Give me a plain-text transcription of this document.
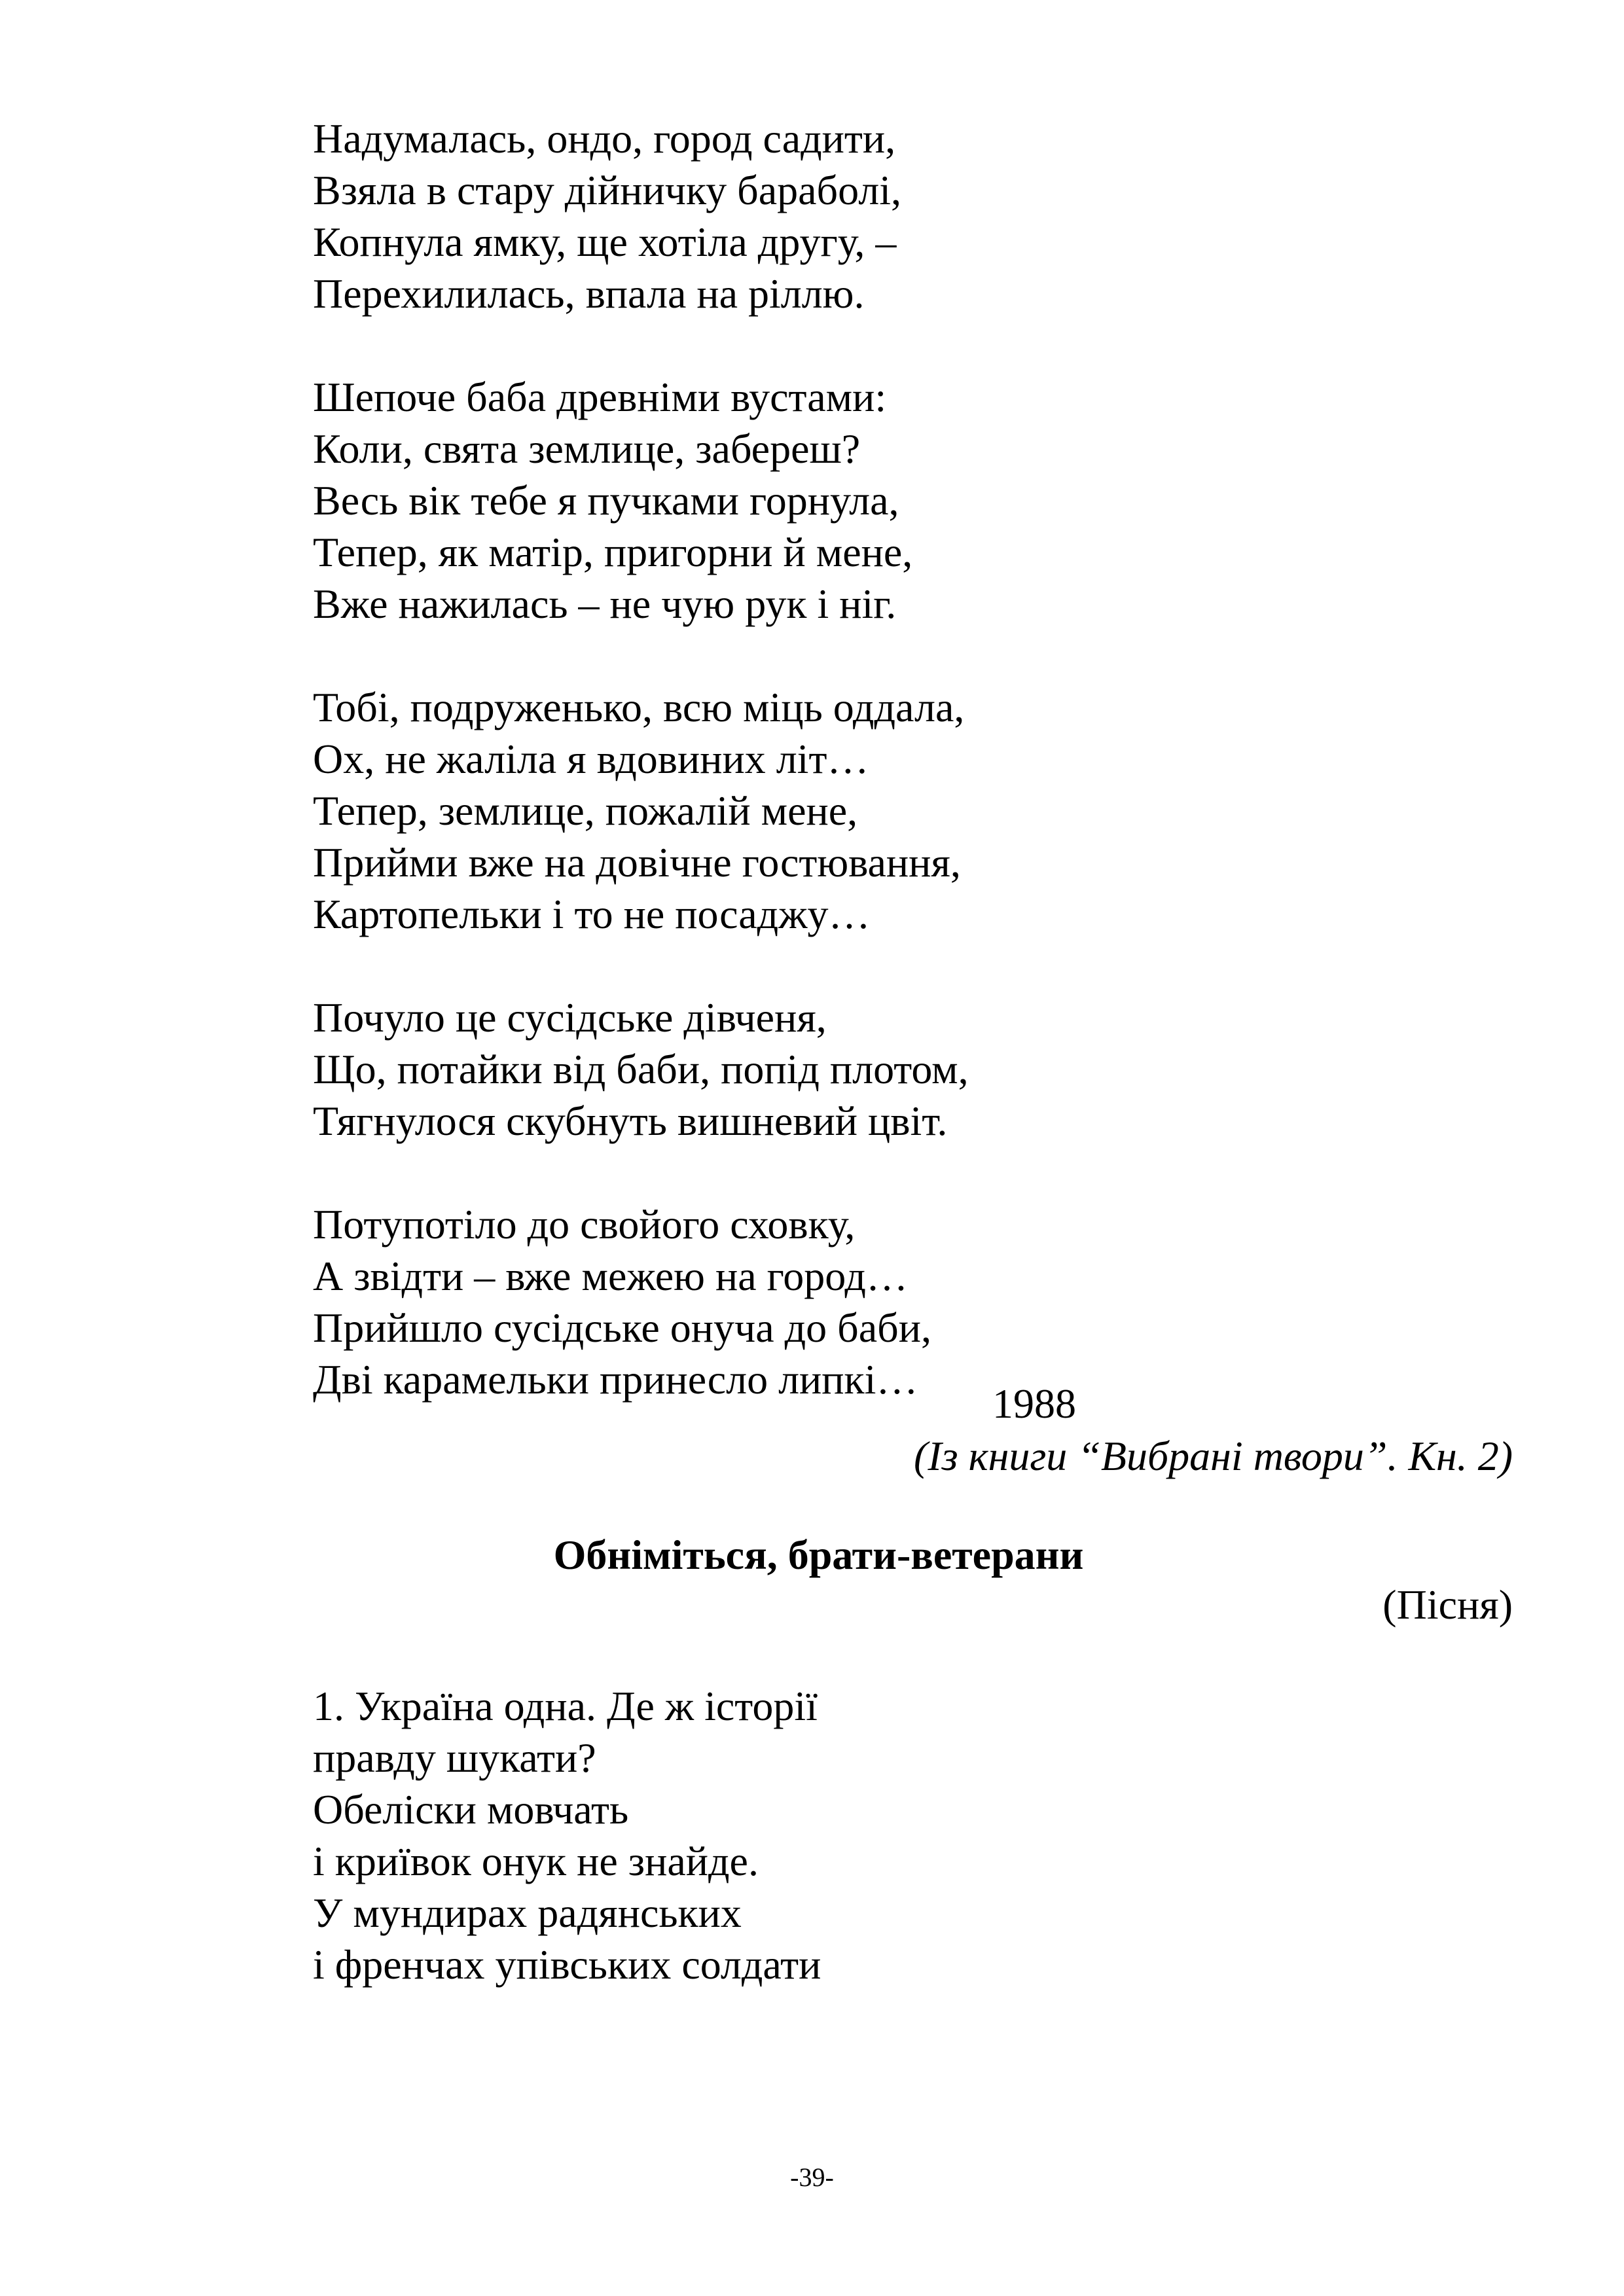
Надумалась, ондо, город садити,
Взяла в стару дійничку бараболі,
Копнула ямку, ще хотіла другу, –
Перехилилась, впала на ріллю.
Шепоче баба древніми вустами:
Коли, свята землице, забереш?
Весь вік тебе я пучками горнула,
Тепер, як матір, пригорни й мене,
Вже нажилась – не чую рук і ніг.
Тобі, подруженько, всю міць оддала,
Ох, не жаліла я вдовиних літ…
Тепер, землице, пожалій мене,
Прийми вже на довічне гостювання,
Картопельки і то не посаджу…
Почуло це сусідське дівченя,
Що, потайки від баби, попід плотом,
Тягнулося скубнуть вишневий цвіт.
Потупотіло до свойого сховку,
А звідти – вже межею на город…
Прийшло сусідське онуча до баби,
Дві карамельки принесло липкі…
1988
(Із книги “Вибрані твори”. Кн. 2)
Обніміться, брати-ветерани
(Пісня)
1. Україна одна. Де ж історії
правду шукати?
Обеліски мовчать
і криївок онук не знайде.
У мундирах радянських
і френчах упівських солдати
-39-
